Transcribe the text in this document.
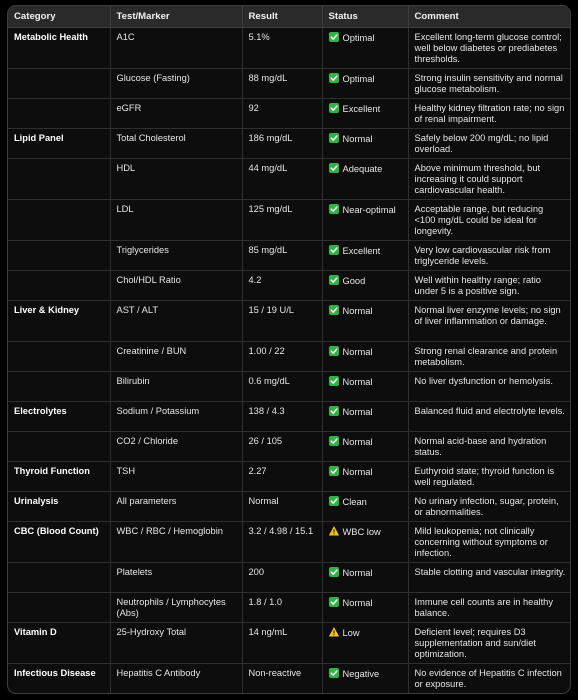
Category	Test/Marker	Result	Status	Comment
Metabolic Health	A1C	5.1%	Optimal	Excellent long-term glucose control; well below diabetes or prediabetes thresholds.
	Glucose (Fasting)	88 mg/dL	Optimal	Strong insulin sensitivity and normal glucose metabolism.
	eGFR	92	Excellent	Healthy kidney filtration rate; no sign of renal impairment.
Lipid Panel	Total Cholesterol	186 mg/dL	Normal	Safely below 200 mg/dL; no lipid overload.
	HDL	44 mg/dL	Adequate	Above minimum threshold, but increasing it could support cardiovascular health.
	LDL	125 mg/dL	Near-optimal	Acceptable range, but reducing <100 mg/dL could be ideal for longevity.
	Triglycerides	85 mg/dL	Excellent	Very low cardiovascular risk from triglyceride levels.
	Chol/HDL Ratio	4.2	Good	Well within healthy range; ratio under 5 is a positive sign.
Liver & Kidney	AST / ALT	15 / 19 U/L	Normal	Normal liver enzyme levels; no sign of liver inflammation or damage.
	Creatinine / BUN	1.00 / 22	Normal	Strong renal clearance and protein metabolism.
	Bilirubin	0.6 mg/dL	Normal	No liver dysfunction or hemolysis.
Electrolytes	Sodium / Potassium	138 / 4.3	Normal	Balanced fluid and electrolyte levels.
	CO2 / Chloride	26 / 105	Normal	Normal acid-base and hydration status.
Thyroid Function	TSH	2.27	Normal	Euthyroid state; thyroid function is well regulated.
Urinalysis	All parameters	Normal	Clean	No urinary infection, sugar, protein, or abnormalities.
CBC (Blood Count)	WBC / RBC / Hemoglobin	3.2 / 4.98 / 15.1	WBC low	Mild leukopenia; not clinically concerning without symptoms or infection.
	Platelets	200	Normal	Stable clotting and vascular integrity.
	Neutrophils / Lymphocytes (Abs)	1.8 / 1.0	Normal	Immune cell counts are in healthy balance.
Vitamin D	25-Hydroxy Total	14 ng/mL	Low	Deficient level; requires D3 supplementation and sun/diet optimization.
Infectious Disease	Hepatitis C Antibody	Non-reactive	Negative	No evidence of Hepatitis C infection or exposure.
